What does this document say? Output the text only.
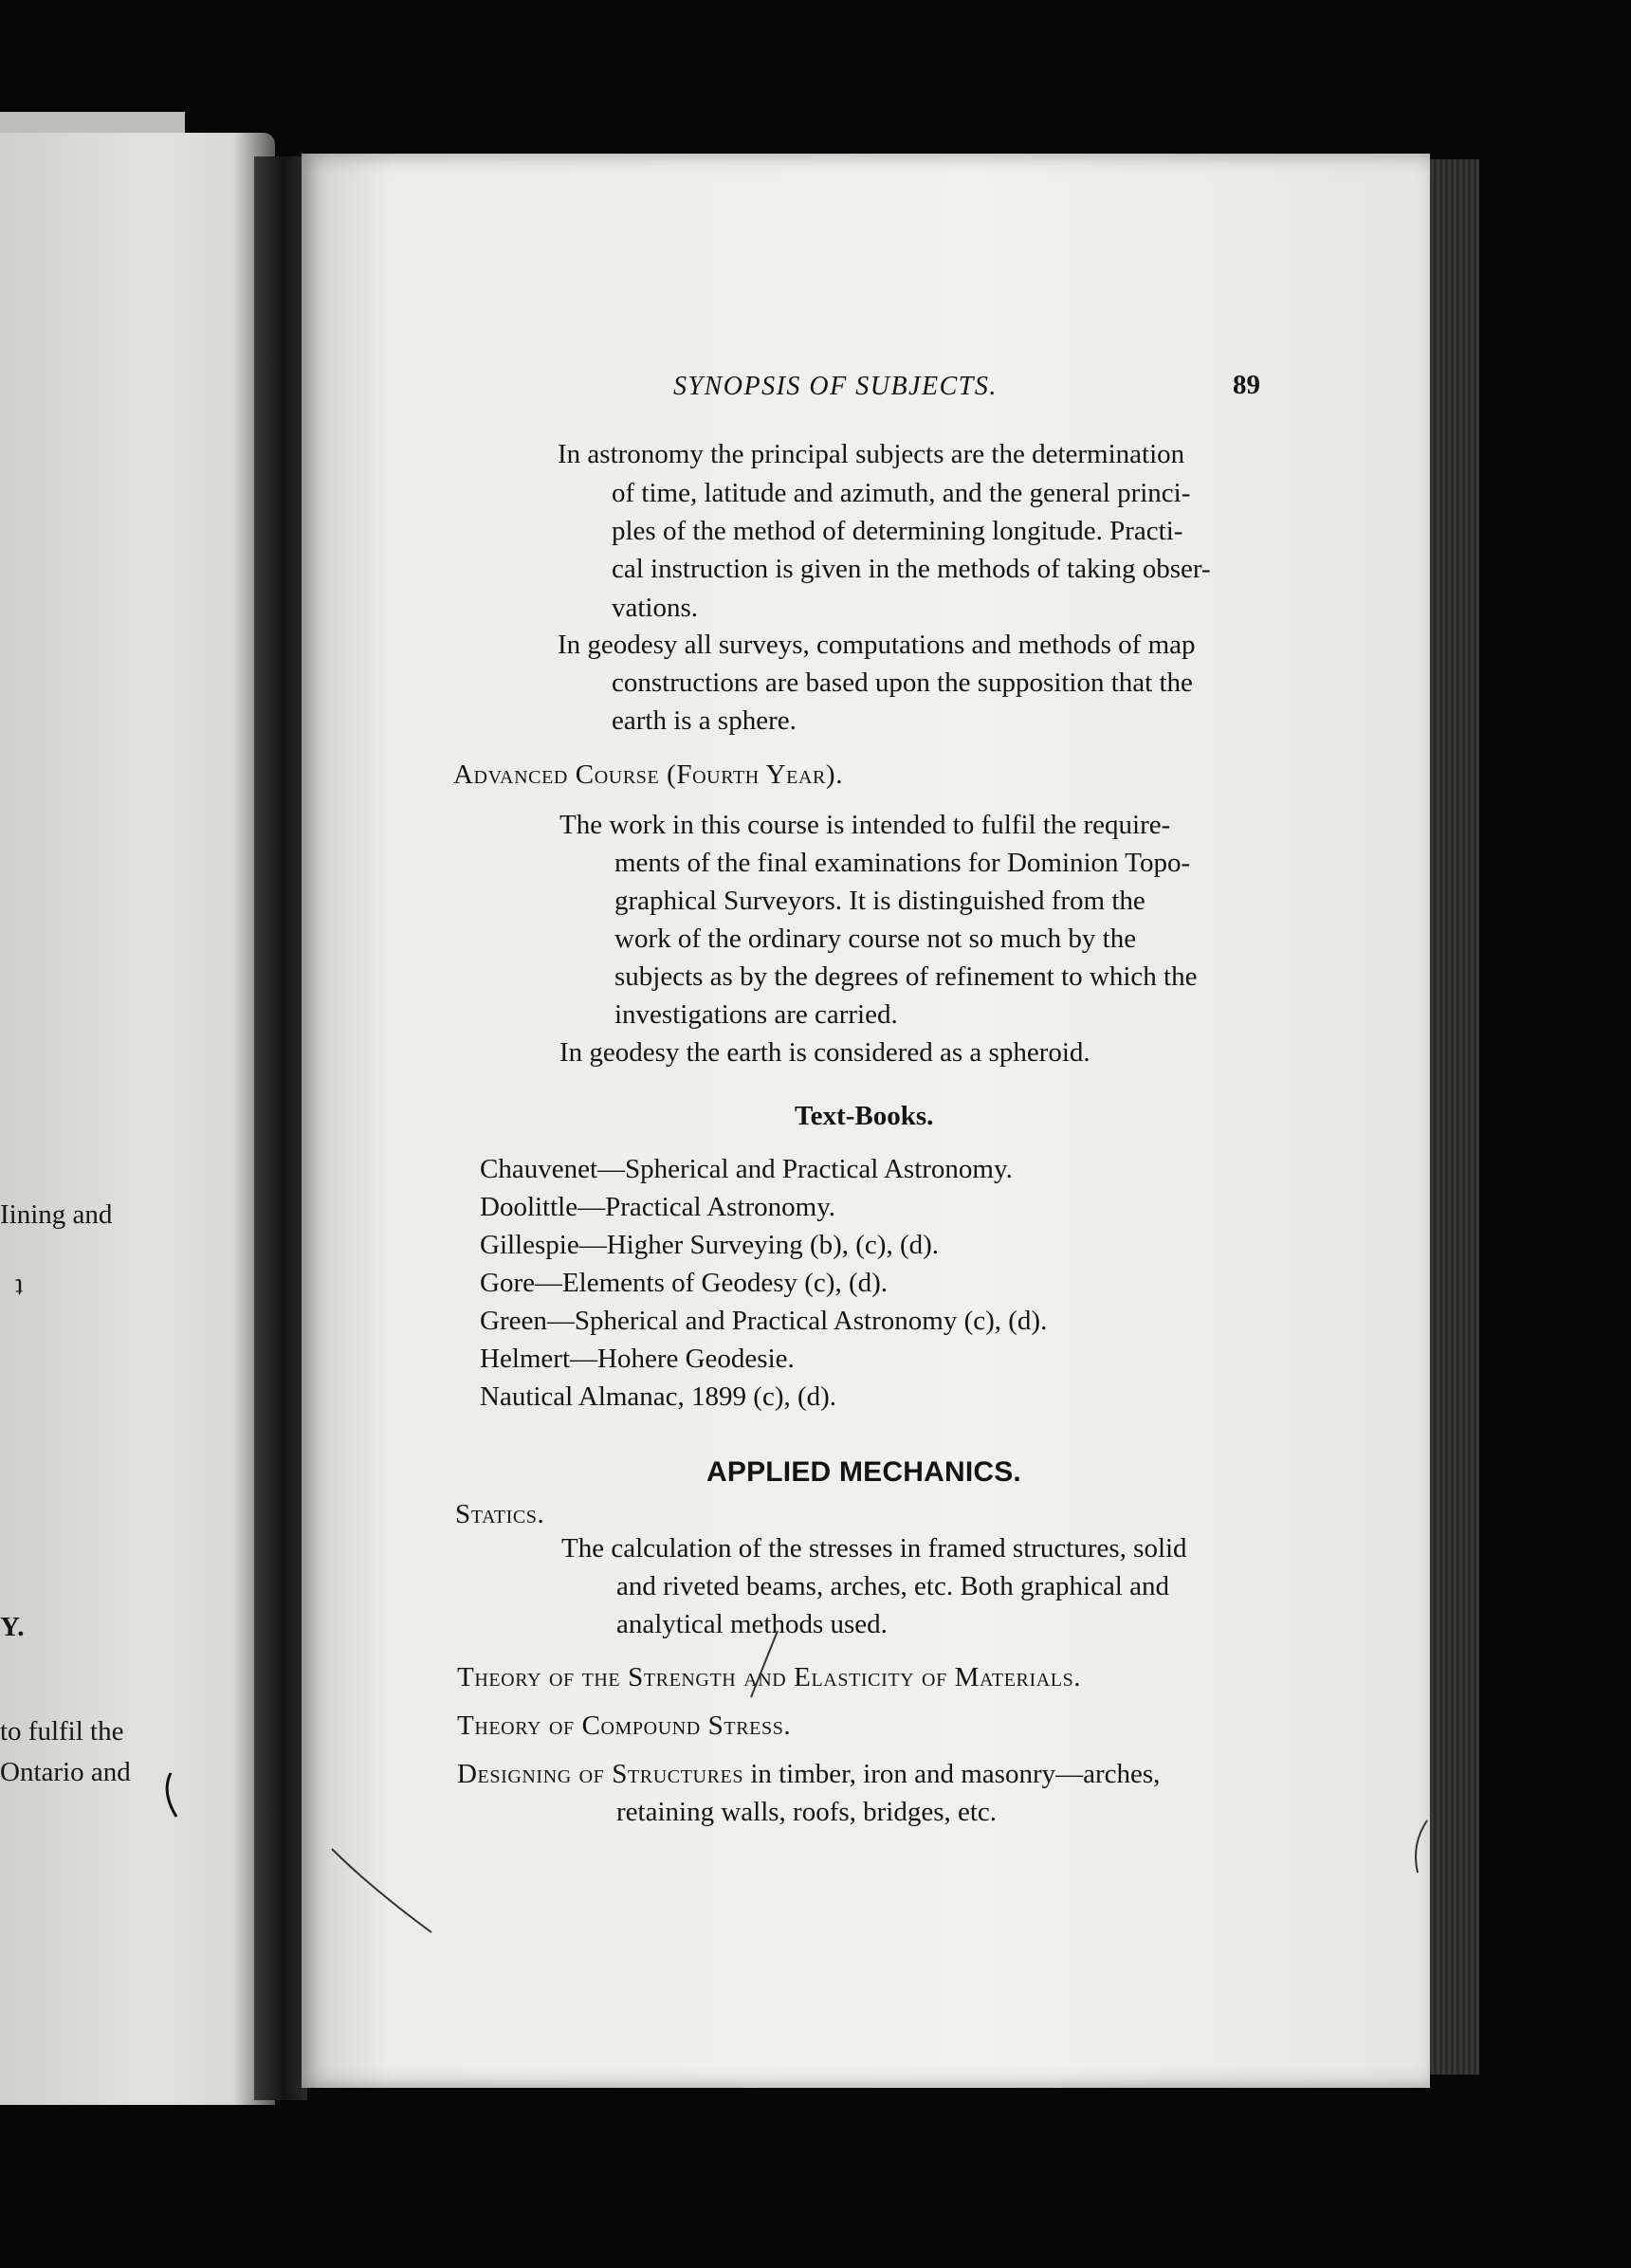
Iining and
ʇ
Y.
to fulfil the
Ontario and
SYNOPSIS OF SUBJECTS.	89
In astronomy the principal subjects are the determination
of time, latitude and azimuth, and the general princi-
ples of the method of determining longitude. Practi-
cal instruction is given in the methods of taking obser-
vations.
In geodesy all surveys, computations and methods of map
constructions are based upon the supposition that the
earth is a sphere.
Advanced Course (Fourth Year).
The work in this course is intended to fulfil the require-
ments of the final examinations for Dominion Topo-
graphical Surveyors. It is distinguished from the
work of the ordinary course not so much by the
subjects as by the degrees of refinement to which the
investigations are carried.
In geodesy the earth is considered as a spheroid.
Text-Books.
Chauvenet—Spherical and Practical Astronomy.
Doolittle—Practical Astronomy.
Gillespie—Higher Surveying (b), (c), (d).
Gore—Elements of Geodesy (c), (d).
Green—Spherical and Practical Astronomy (c), (d).
Helmert—Hohere Geodesie.
Nautical Almanac, 1899 (c), (d).
APPLIED MECHANICS.
Statics.
The calculation of the stresses in framed structures, solid
and riveted beams, arches, etc. Both graphical and
analytical methods used.
Theory of the Strength and Elasticity of Materials.
Theory of Compound Stress.
Designing of Structures in timber, iron and masonry—arches,
retaining walls, roofs, bridges, etc.
